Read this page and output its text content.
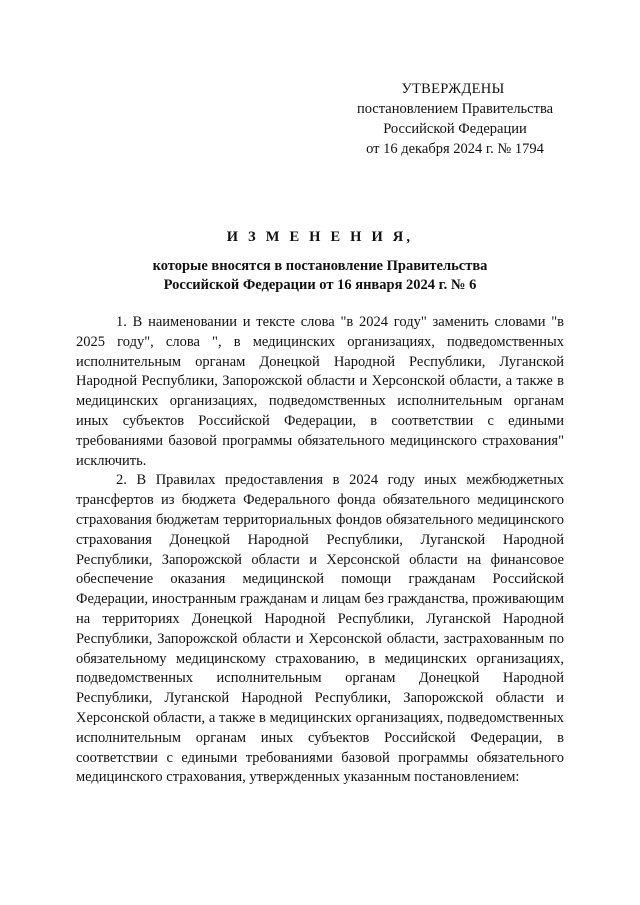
УТВЕРЖДЕНЫ
постановлением Правительства
Российской Федерации
от 16 декабря 2024 г. № 1794
И З М Е Н Е Н И Я,
которые вносятся в постановление Правительства
Российской Федерации от 16 января 2024 г. № 6

1. В наименовании и тексте слова "в 2024 году" заменить словами "в 2025 году", слова ", в медицинских организациях, подведомственных исполнительным органам Донецкой Народной Республики, Луганской Народной Республики, Запорожской области и Херсонской области, а также в медицинских организациях, подведомственных исполнительным органам иных субъектов Российской Федерации, в соответствии с едиными требованиями базовой программы обязательного медицинского страхования" исключить.

2. В Правилах предоставления в 2024 году иных межбюджетных трансфертов из бюджета Федерального фонда обязательного медицинского страхования бюджетам территориальных фондов обязательного медицинского страхования Донецкой Народной Республики, Луганской Народной Республики, Запорожской области и Херсонской области на финансовое обеспечение оказания медицинской помощи гражданам Российской Федерации, иностранным гражданам и лицам без гражданства, проживающим на территориях Донецкой Народной Республики, Луганской Народной Республики, Запорожской области и Херсонской области, застрахованным по обязательному медицинскому страхованию, в медицинских организациях, подведомственных исполнительным органам Донецкой Народной Республики, Луганской Народной Республики, Запорожской области и Херсонской области, а также в медицинских организациях, подведомственных исполнительным органам иных субъектов Российской Федерации, в соответствии с едиными требованиями базовой программы обязательного медицинского страхования, утвержденных указанным постановлением:
